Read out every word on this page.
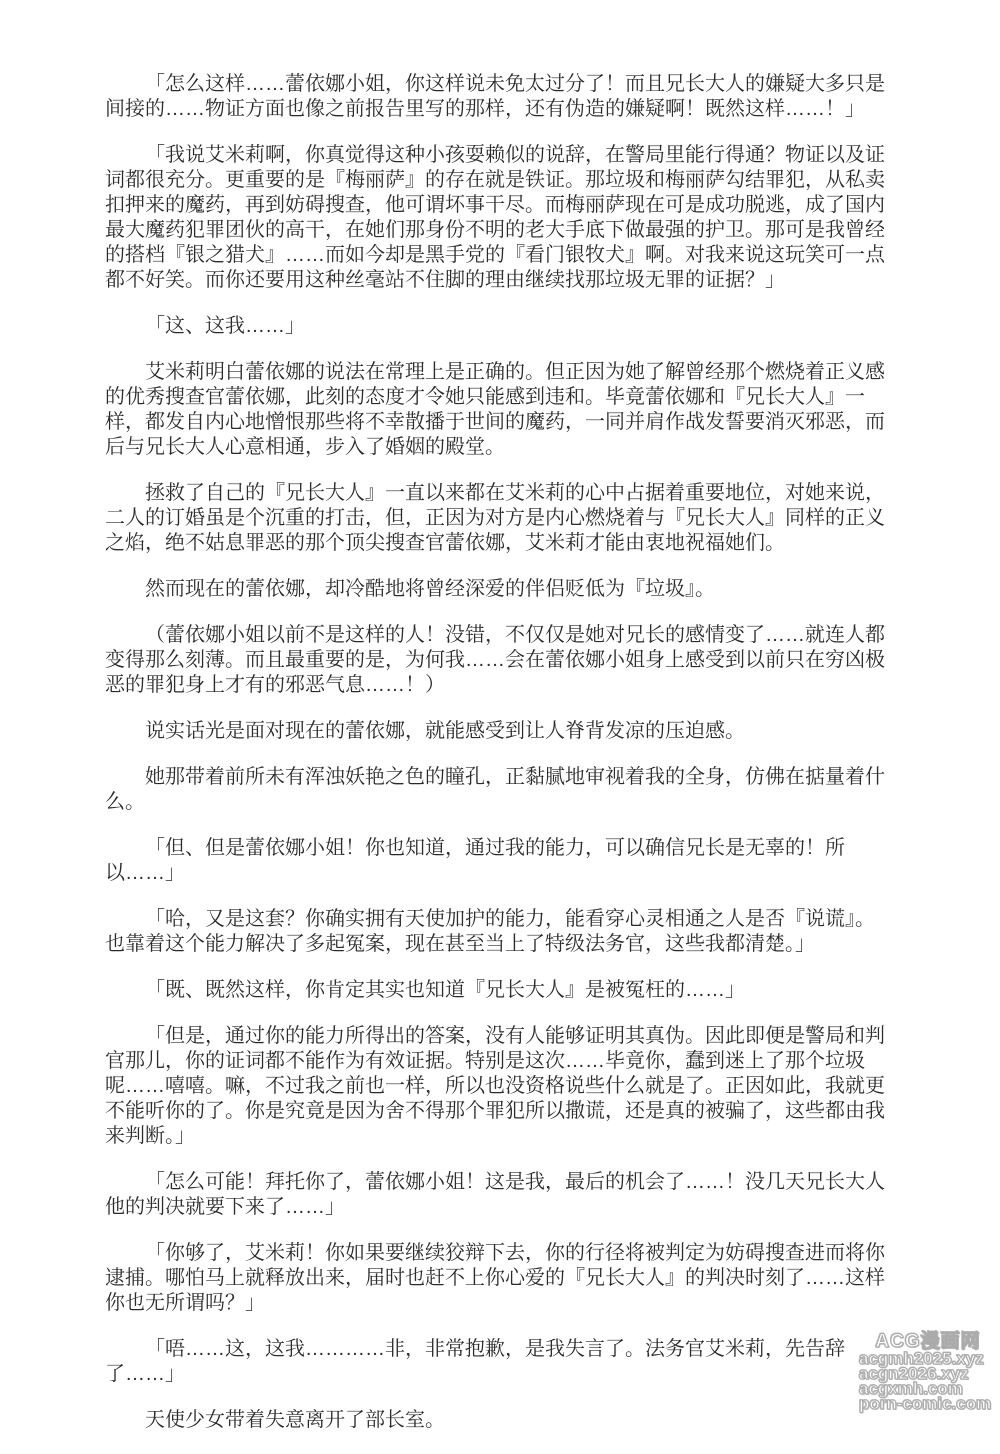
「怎么这样……蕾依娜小姐，你这样说未免太过分了！而且兄长大人的嫌疑大多只是间接的……物证方面也像之前报告里写的那样，还有伪造的嫌疑啊！既然这样……！」

「我说艾米莉啊，你真觉得这种小孩耍赖似的说辞，在警局里能行得通？物证以及证词都很充分。更重要的是『梅丽萨』的存在就是铁证。那垃圾和梅丽萨勾结罪犯，从私卖扣押来的魔药，再到妨碍搜查，他可谓坏事干尽。而梅丽萨现在可是成功脱逃，成了国内最大魔药犯罪团伙的高干，在她们那身份不明的老大手底下做最强的护卫。那可是我曾经的搭档『银之猎犬』……而如今却是黑手党的『看门银牧犬』啊。对我来说这玩笑可一点都不好笑。而你还要用这种丝毫站不住脚的理由继续找那垃圾无罪的证据？」

「这、这我……」

艾米莉明白蕾依娜的说法在常理上是正确的。但正因为她了解曾经那个燃烧着正义感的优秀搜查官蕾依娜，此刻的态度才令她只能感到违和。毕竟蕾依娜和『兄长大人』一样，都发自内心地憎恨那些将不幸散播于世间的魔药，一同并肩作战发誓要消灭邪恶，而后与兄长大人心意相通，步入了婚姻的殿堂。

拯救了自己的『兄长大人』一直以来都在艾米莉的心中占据着重要地位，对她来说，二人的订婚虽是个沉重的打击，但，正因为对方是内心燃烧着与『兄长大人』同样的正义之焰，绝不姑息罪恶的那个顶尖搜查官蕾依娜，艾米莉才能由衷地祝福她们。

然而现在的蕾依娜，却冷酷地将曾经深爱的伴侣贬低为『垃圾』。

（蕾依娜小姐以前不是这样的人！没错，不仅仅是她对兄长的感情变了……就连人都变得那么刻薄。而且最重要的是，为何我……会在蕾依娜小姐身上感受到以前只在穷凶极恶的罪犯身上才有的邪恶气息……！）

说实话光是面对现在的蕾依娜，就能感受到让人脊背发凉的压迫感。

她那带着前所未有浑浊妖艳之色的瞳孔，正黏腻地审视着我的全身，仿佛在掂量着什么。

「但、但是蕾依娜小姐！你也知道，通过我的能力，可以确信兄长是无辜的！所以……」

「哈，又是这套？你确实拥有天使加护的能力，能看穿心灵相通之人是否『说谎』。也靠着这个能力解决了多起冤案，现在甚至当上了特级法务官，这些我都清楚。」

「既、既然这样，你肯定其实也知道『兄长大人』是被冤枉的……」

「但是，通过你的能力所得出的答案，没有人能够证明其真伪。因此即便是警局和判官那儿，你的证词都不能作为有效证据。特别是这次……毕竟你，蠢到迷上了那个垃圾呢……嘻嘻。嘛，不过我之前也一样，所以也没资格说些什么就是了。正因如此，我就更不能听你的了。你是究竟是因为舍不得那个罪犯所以撒谎，还是真的被骗了，这些都由我来判断。」

「怎么可能！拜托你了，蕾依娜小姐！这是我，最后的机会了……！没几天兄长大人他的判决就要下来了……」

「你够了，艾米莉！你如果要继续狡辩下去，你的行径将被判定为妨碍搜查进而将你逮捕。哪怕马上就释放出来，届时也赶不上你心爱的『兄长大人』的判决时刻了……这样你也无所谓吗？」

「唔……这，这我…………非，非常抱歉，是我失言了。法务官艾米莉，先告辞了……」

天使少女带着失意离开了部长室。

ACG漫画网
acgmh2025.xyz
acgn2026.xyz
acgxmh.com
porn-comic.com
